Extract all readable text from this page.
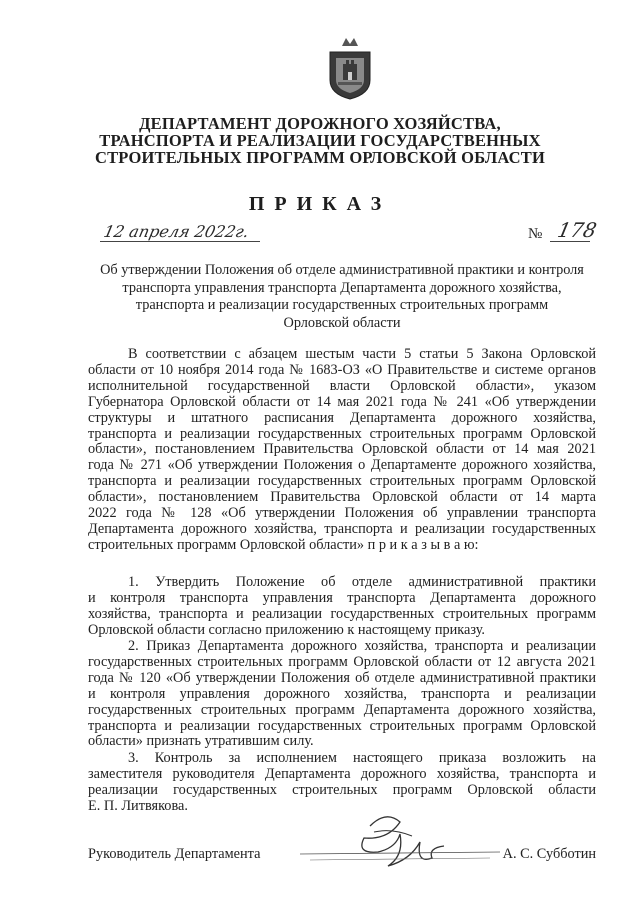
ДЕПАРТАМЕНТ ДОРОЖНОГО ХОЗЯЙСТВА,
ТРАНСПОРТА И РЕАЛИЗАЦИИ ГОСУДАРСТВЕННЫХ
СТРОИТЕЛЬНЫХ ПРОГРАММ ОРЛОВСКОЙ ОБЛАСТИ
ПРИКАЗ
12 апреля 2022г.	№ 178
Об утверждении Положения об отделе административной практики и контроля
транспорта управления транспорта Департамента дорожного хозяйства,
транспорта и реализации государственных строительных программ
Орловской области
В соответствии с абзацем шестым части 5 статьи 5 Закона Орловской
области от 10 ноября 2014 года № 1683-ОЗ «О Правительстве и системе органов
исполнительной государственной власти Орловской области», указом
Губернатора Орловской области от 14 мая 2021 года № 241 «Об утверждении
структуры и штатного расписания Департамента дорожного хозяйства,
транспорта и реализации государственных строительных программ Орловской
области», постановлением Правительства Орловской области от 14 мая 2021
года № 271 «Об утверждении Положения о Департаменте дорожного хозяйства,
транспорта и реализации государственных строительных программ Орловской
области», постановлением Правительства Орловской области от 14 марта
2022 года № 128 «Об утверждении Положения об управлении транспорта
Департамента дорожного хозяйства, транспорта и реализации государственных
строительных программ Орловской области» п р и к а з ы в а ю:
1. Утвердить Положение об отделе административной практики
и контроля транспорта управления транспорта Департамента дорожного
хозяйства, транспорта и реализации государственных строительных программ
Орловской области согласно приложению к настоящему приказу.
2. Приказ Департамента дорожного хозяйства, транспорта и реализации
государственных строительных программ Орловской области от 12 августа 2021
года № 120 «Об утверждении Положения об отделе административной практики
и контроля управления дорожного хозяйства, транспорта и реализации
государственных строительных программ Департамента дорожного хозяйства,
транспорта и реализации государственных строительных программ Орловской
области» признать утратившим силу.
3. Контроль за исполнением настоящего приказа возложить на
заместителя руководителя Департамента дорожного хозяйства, транспорта и
реализации государственных строительных программ Орловской области
Е. П. Литвякова.
Руководитель Департамента	А. С. Субботин
